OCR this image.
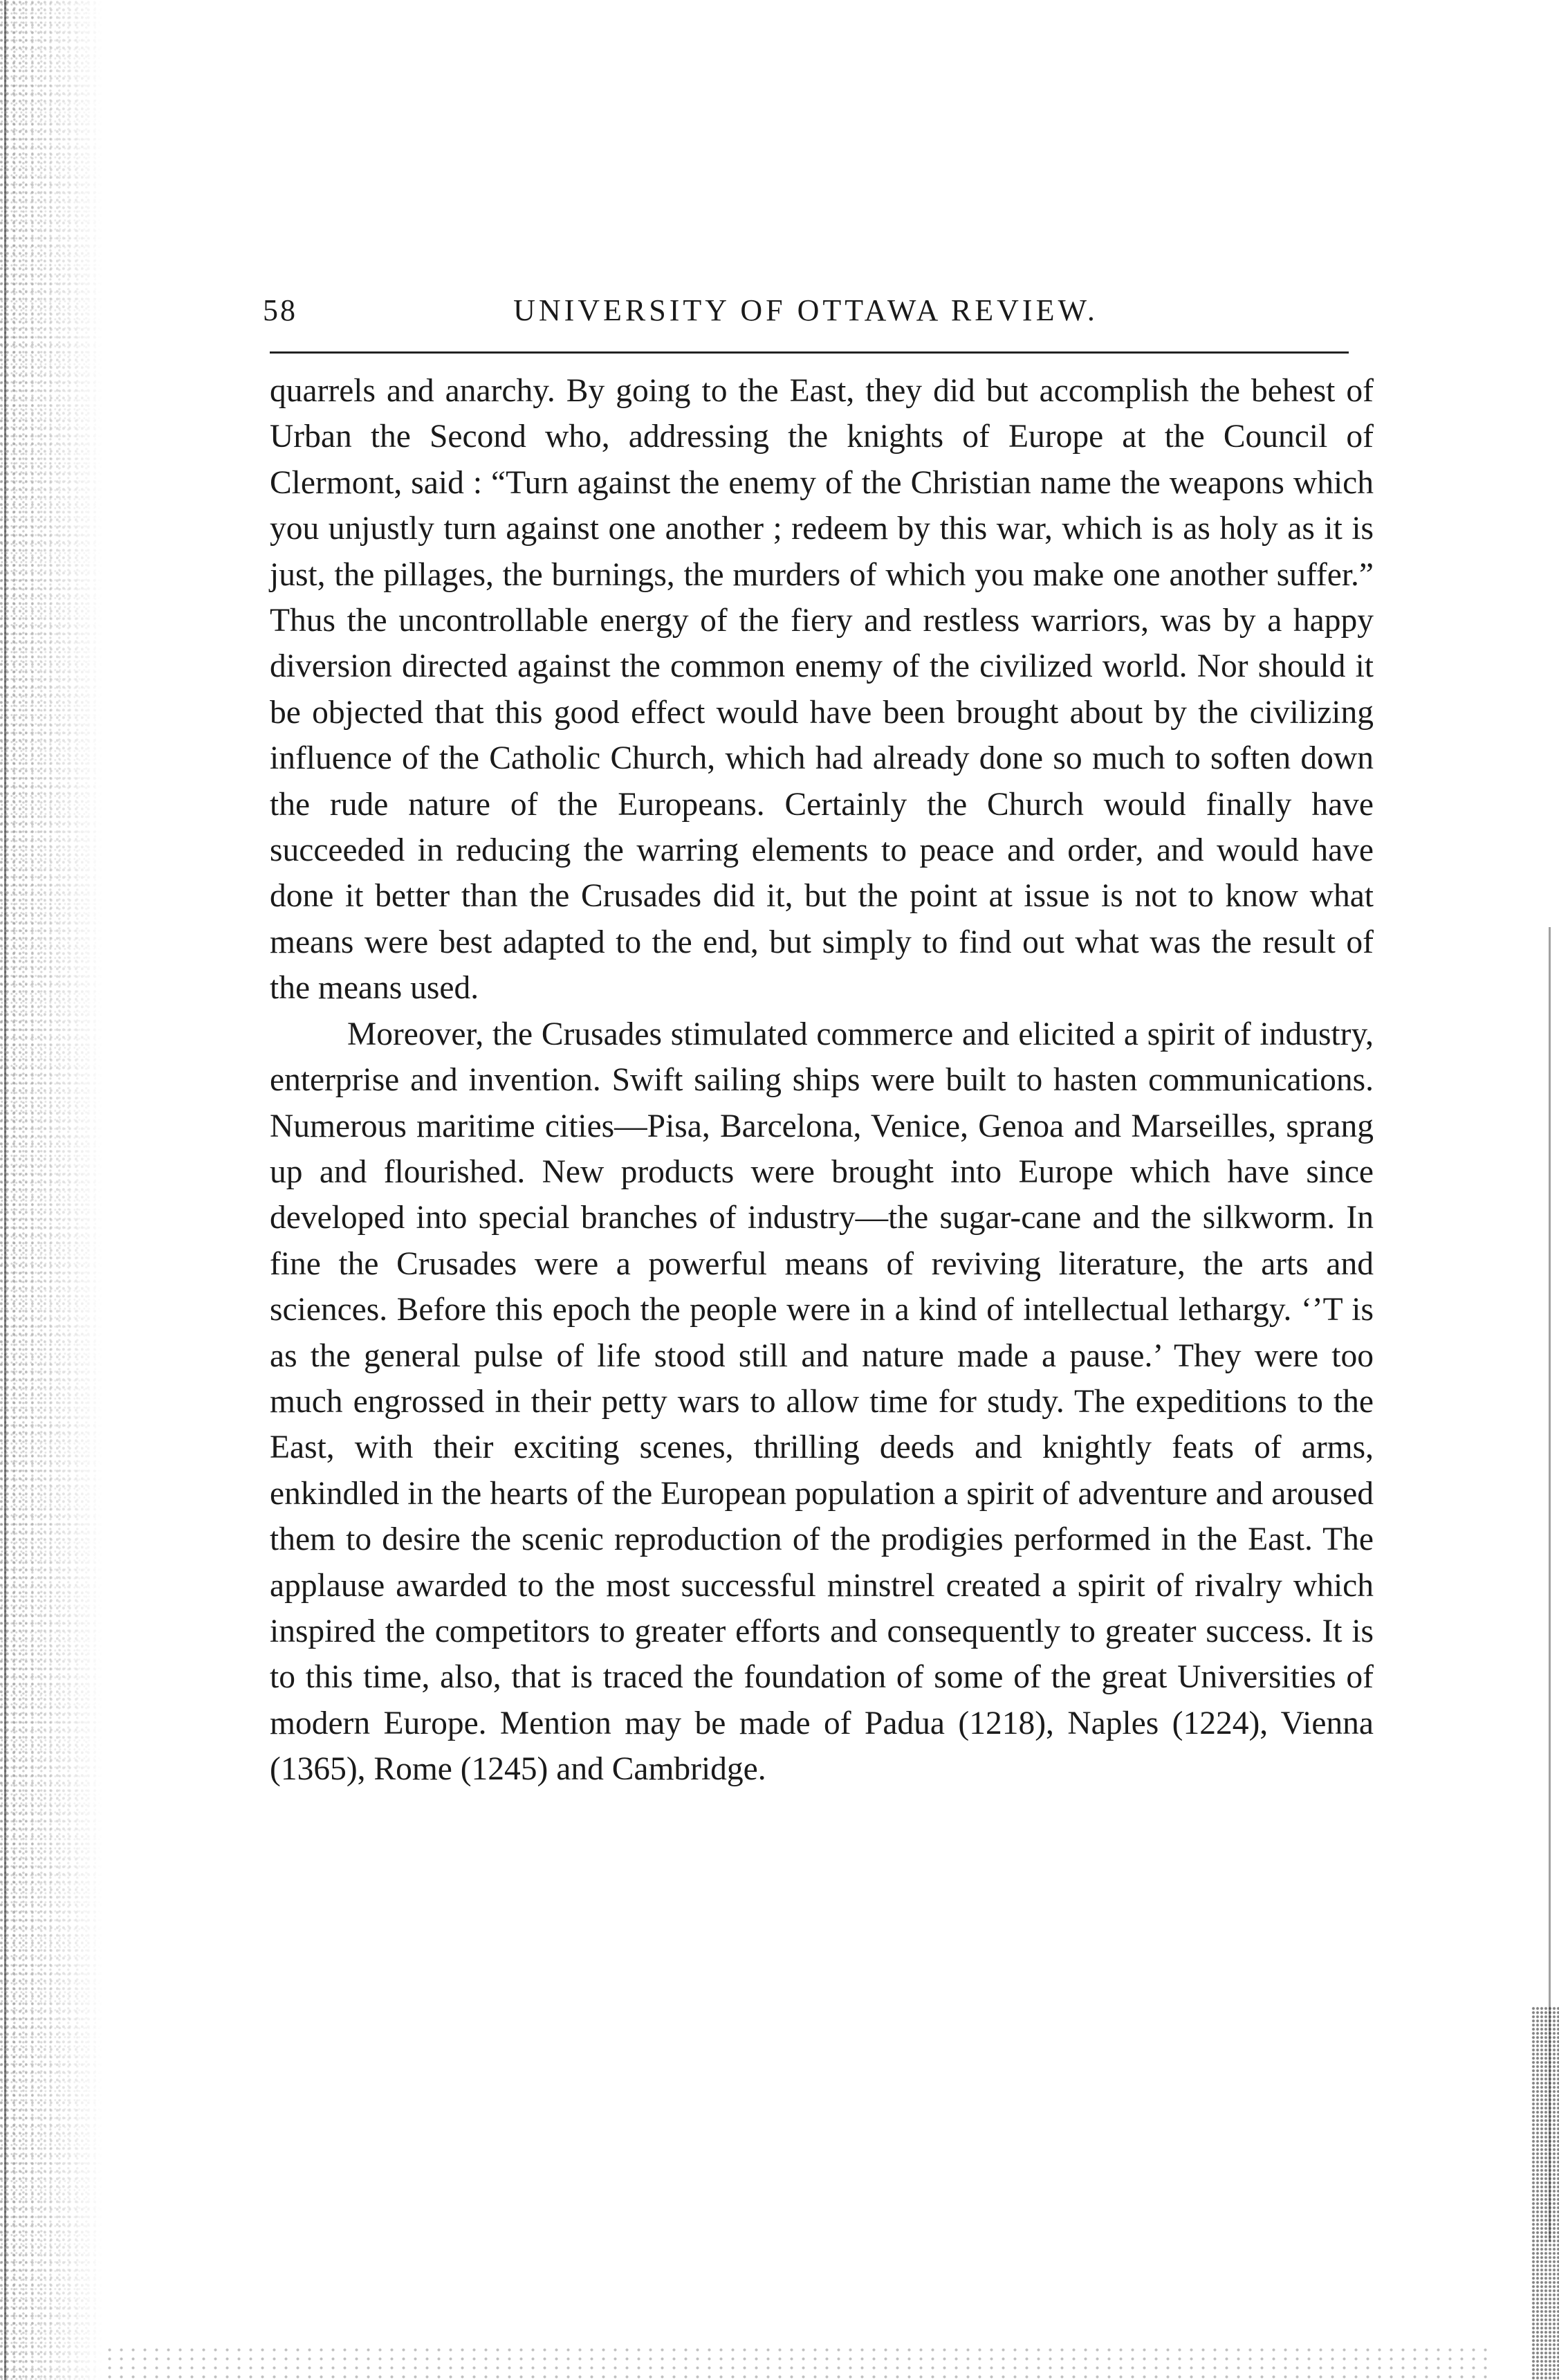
58	UNIVERSITY OF OTTAWA REVIEW.

quarrels and anarchy. By going to the East, they did but accomplish the behest of Urban the Second who, addressing the knights of Europe at the Council of Clermont, said : “Turn against the enemy of the Christian name the weapons which you unjustly turn against one another ; redeem by this war, which is as holy as it is just, the pillages, the burnings, the murders of which you make one another suffer.” Thus the uncontrollable energy of the fiery and restless warriors, was by a happy diversion directed against the common enemy of the civilized world. Nor should it be objected that this good effect would have been brought about by the civilizing influence of the Catholic Church, which had already done so much to soften down the rude nature of the Europeans. Certainly the Church would finally have succeeded in reducing the warring elements to peace and order, and would have done it better than the Crusades did it, but the point at issue is not to know what means were best adapted to the end, but simply to find out what was the result of the means used.

Moreover, the Crusades stimulated commerce and elicited a spirit of industry, enterprise and invention. Swift sailing ships were built to hasten communications. Numerous maritime cities—Pisa, Barcelona, Venice, Genoa and Marseilles, sprang up and flourished. New products were brought into Europe which have since developed into special branches of industry—the sugar-cane and the silkworm. In fine the Crusades were a powerful means of reviving literature, the arts and sciences. Before this epoch the people were in a kind of intellectual lethargy. ‘’T is as the general pulse of life stood still and nature made a pause.’ They were too much engrossed in their petty wars to allow time for study. The expeditions to the East, with their exciting scenes, thrilling deeds and knightly feats of arms, enkindled in the hearts of the European population a spirit of adventure and aroused them to desire the scenic reproduction of the prodigies performed in the East. The applause awarded to the most successful minstrel created a spirit of rivalry which inspired the competitors to greater efforts and consequently to greater success. It is to this time, also, that is traced the foundation of some of the great Universities of modern Europe. Mention may be made of Padua (1218), Naples (1224), Vienna (1365), Rome (1245) and Cambridge.
